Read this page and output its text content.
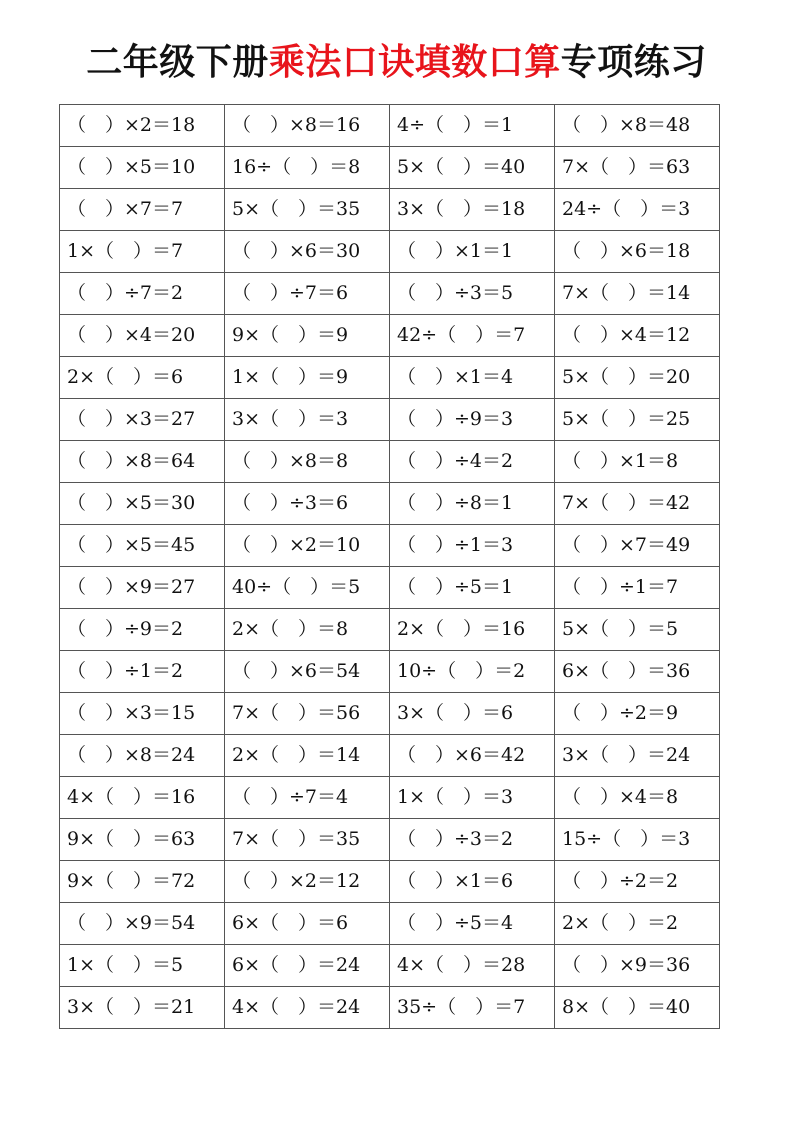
二年级下册乘法口诀填数口算专项练习
（　）×2＝18	（　）×8＝16	4÷（　）＝1	（　）×8＝48
（　）×5＝10	16÷（　）＝8	5×（　）＝40	7×（　）＝63
（　）×7＝7	5×（　）＝35	3×（　）＝18	24÷（　）＝3
1×（　）＝7	（　）×6＝30	（　）×1＝1	（　）×6＝18
（　）÷7＝2	（　）÷7＝6	（　）÷3＝5	7×（　）＝14
（　）×4＝20	9×（　）＝9	42÷（　）＝7	（　）×4＝12
2×（　）＝6	1×（　）＝9	（　）×1＝4	5×（　）＝20
（　）×3＝27	3×（　）＝3	（　）÷9＝3	5×（　）＝25
（　）×8＝64	（　）×8＝8	（　）÷4＝2	（　）×1＝8
（　）×5＝30	（　）÷3＝6	（　）÷8＝1	7×（　）＝42
（　）×5＝45	（　）×2＝10	（　）÷1＝3	（　）×7＝49
（　）×9＝27	40÷（　）＝5	（　）÷5＝1	（　）÷1＝7
（　）÷9＝2	2×（　）＝8	2×（　）＝16	5×（　）＝5
（　）÷1＝2	（　）×6＝54	10÷（　）＝2	6×（　）＝36
（　）×3＝15	7×（　）＝56	3×（　）＝6	（　）÷2＝9
（　）×8＝24	2×（　）＝14	（　）×6＝42	3×（　）＝24
4×（　）＝16	（　）÷7＝4	1×（　）＝3	（　）×4＝8
9×（　）＝63	7×（　）＝35	（　）÷3＝2	15÷（　）＝3
9×（　）＝72	（　）×2＝12	（　）×1＝6	（　）÷2＝2
（　）×9＝54	6×（　）＝6	（　）÷5＝4	2×（　）＝2
1×（　）＝5	6×（　）＝24	4×（　）＝28	（　）×9＝36
3×（　）＝21	4×（　）＝24	35÷（　）＝7	8×（　）＝40
